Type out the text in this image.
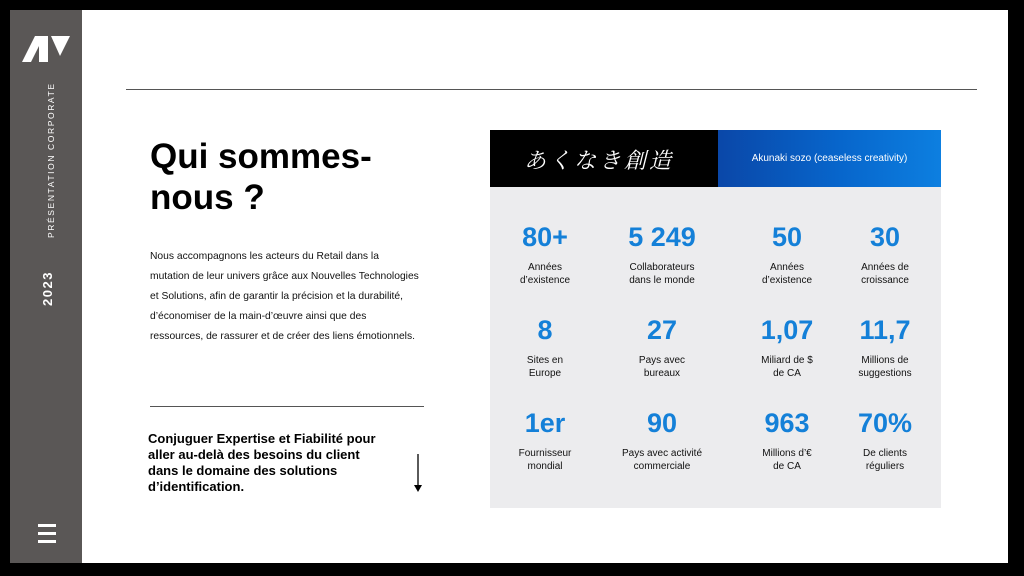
PRÉSENTATION CORPORATE
2023
Qui sommes-
nous ?

Nous accompagnons les acteurs du Retail dans la mutation de leur univers grâce aux Nouvelles Technologies et Solutions, afin de garantir la précision et la durabilité, d’économiser de la main-d’œuvre ainsi que des ressources, de rassurer et de créer des liens émotionnels.

Conjuguer Expertise et Fiabilité pour aller au-delà des besoins du client dans le domaine des solutions d’identification.

あくなき創造	Akunaki sozo (ceaseless creativity)
80+
Années
d’existence
5 249
Collaborateurs
dans le monde
50
Années
d’existence
30
Années de
croissance
8
Sites en
Europe
27
Pays avec
bureaux
1,07
Miliard de $
de CA
11,7
Millions de
suggestions
1er
Fournisseur
mondial
90
Pays avec activité
commerciale
963
Millions d’€
de CA
70%
De clients
réguliers
